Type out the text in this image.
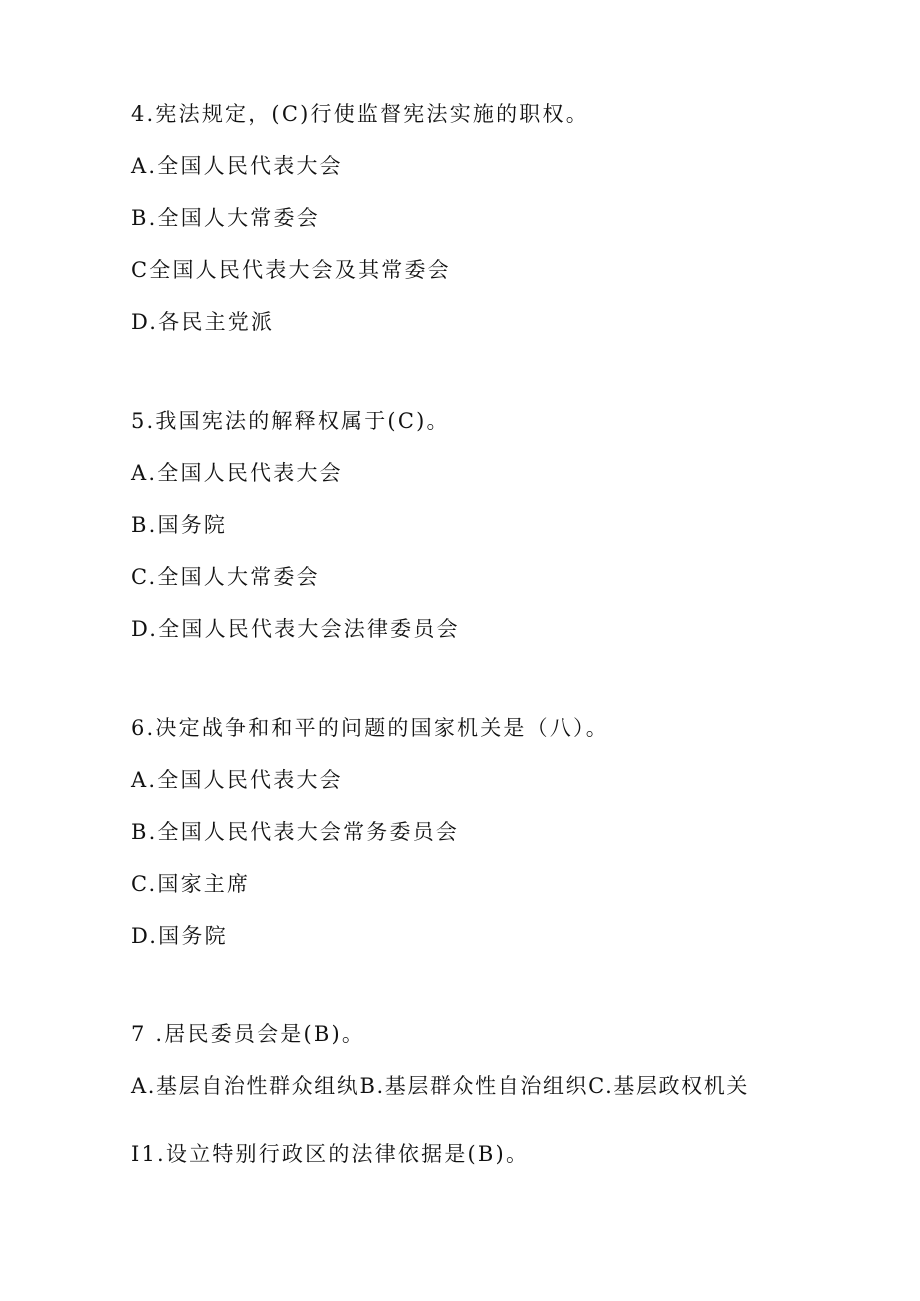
4.宪法规定，(C)行使监督宪法实施的职权。
A.全国人民代表大会
B.全国人大常委会
C全国人民代表大会及其常委会
D.各民主党派
5.我国宪法的解释权属于(C)。
A.全国人民代表大会
B.国务院
C.全国人大常委会
D.全国人民代表大会法律委员会
6.决定战争和和平的问题的国家机关是（八）。
A.全国人民代表大会
B.全国人民代表大会常务委员会
C.国家主席
D.国务院
7 .居民委员会是(B)。
A.基层自治性群众组纨B.基层群众性自治组织C.基层政权机关
I1.设立特别行政区的法律依据是(B)。
